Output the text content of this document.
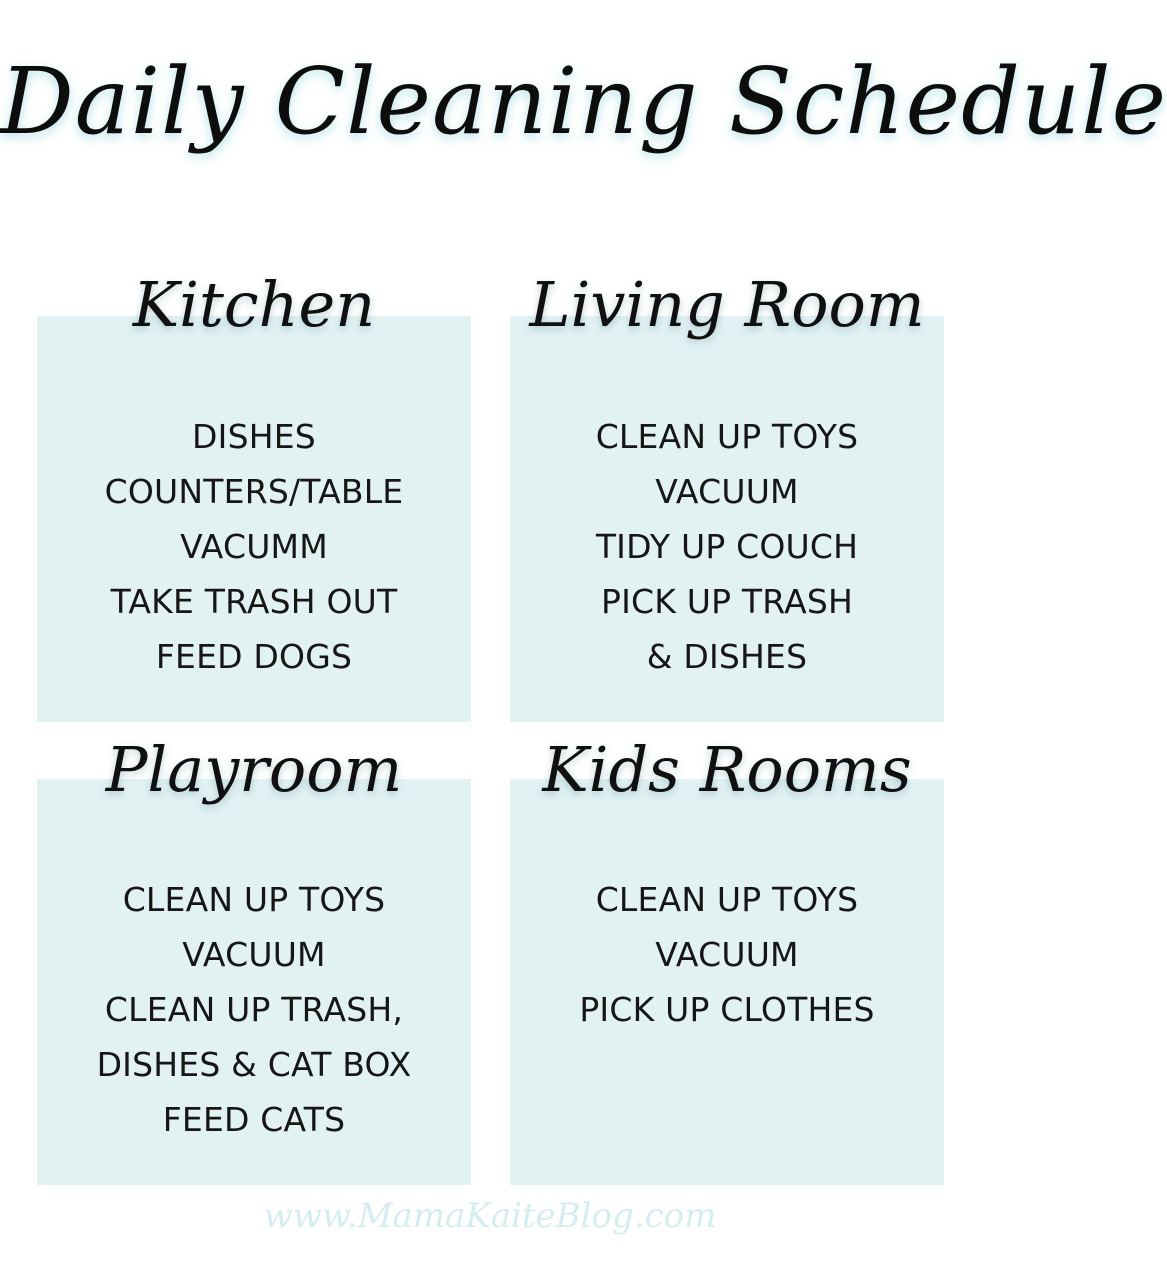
Daily Cleaning Schedule
Kitchen
DISHES
COUNTERS/TABLE
VACUMM
TAKE TRASH OUT
FEED DOGS
Living Room
CLEAN UP TOYS
VACUUM
TIDY UP COUCH
PICK UP TRASH
& DISHES
Playroom
CLEAN UP TOYS
VACUUM
CLEAN UP TRASH,
DISHES & CAT BOX
FEED CATS
Kids Rooms
CLEAN UP TOYS
VACUUM
PICK UP CLOTHES
www.MamaKaiteBlog.com
